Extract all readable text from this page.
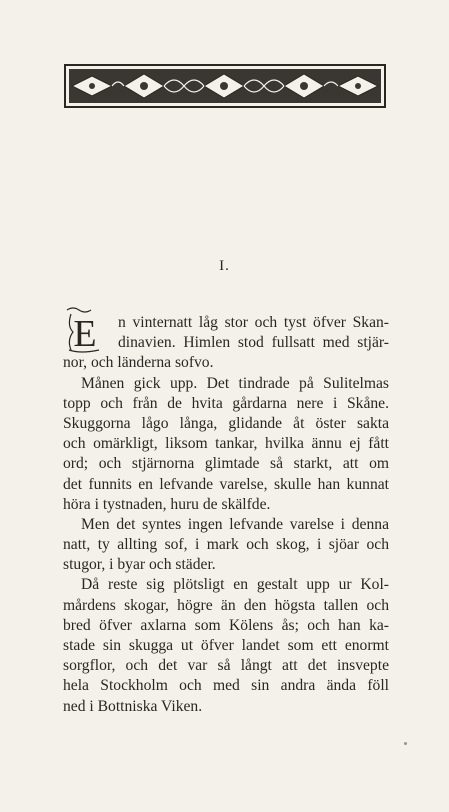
I.
E	n vinternatt låg stor och tyst öfver Skan-
dinavien. Himlen stod fullsatt med stjär-
nor, och länderna sofvo.
Månen gick upp. Det tindrade på Sulitelmas
topp och från de hvita gårdarna nere i Skåne.
Skuggorna lågo långa, glidande åt öster sakta
och omärkligt, liksom tankar, hvilka ännu ej fått
ord; och stjärnorna glimtade så starkt, att om
det funnits en lefvande varelse, skulle han kunnat
höra i tystnaden, huru de skälfde.
Men det syntes ingen lefvande varelse i denna
natt, ty allting sof, i mark och skog, i sjöar och
stugor, i byar och städer.
Då reste sig plötsligt en gestalt upp ur Kol-
mårdens skogar, högre än den högsta tallen och
bred öfver axlarna som Kölens ås; och han ka-
stade sin skugga ut öfver landet som ett enormt
sorgflor, och det var så långt att det insvepte
hela Stockholm och med sin andra ända föll
ned i Bottniska Viken.
